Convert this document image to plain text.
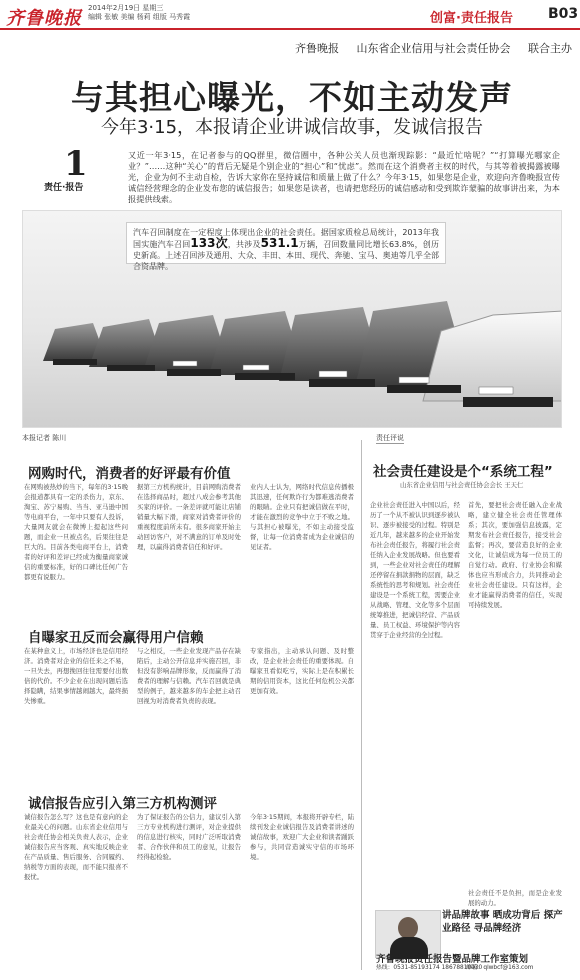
齐鲁晚报 2014年2月19日 星期三
编辑 张敏 美编 杨莉 组版 马秀霞	创富·责任报告	B03
齐鲁晚报 山东省企业信用与社会责任协会 联合主办
与其担心曝光，不如主动发声
今年3·15，本报请企业讲诚信故事，发诚信报告
1
责任·报告
又近一年3·15，在记者参与的QQ群里，微信圈中，各种公关人员也渐现踪影：“最近忙啥呢？”“打算曝光哪家企业？”……这种“关心”的背后无疑是个别企业的“担心”和“忧虑”。然而在这个消费者主权的时代，与其等着被揭露被曝光，企业为何不主动自检，告诉大家你在坚持诚信和质量上做了什么？今年3·15，如果您是企业，欢迎向齐鲁晚报宣传诚信经营理念的企业发布您的诚信报告；如果您是读者，也请把您经历的诚信感动和受到欺诈蒙骗的故事讲出来，为本报提供线索。
汽车召回制度在一定程度上体现出企业的社会责任。据国家质检总局统计，2013年我国实施汽车召回133次，共涉及531.1万辆，召回数量同比增长63.8%，创历史新高。上述召回涉及通用、大众、丰田、本田、现代、奔驰、宝马、奥迪等几乎全部合资品牌。
本报记者 陈川	责任评说
网购时代，消费者的好评最有价值
在网购被热炒的当下，每年的3·15晚会报道都具有一定的杀伤力，京东、淘宝、苏宁易购、当当、亚马逊中国等电商平台，一年中只要有人投诉，大量网友就会在微博上提起这些问题，而企业一旦被点名，后果往往是巨大的。目前各类电商平台上，消费者的好评和差评已经成为衡量商家诚信的重要标准，好的口碑比任何广告都更有说服力。
据第三方机构统计，目前网购消费者在选择商品时，超过八成会参考其他买家的评价。一条差评就可能让店铺销量大幅下滑，商家对消费者评价的重视程度前所未有。很多商家开始主动回访客户，对不满意的订单及时处理，以赢得消费者信任和好评。
业内人士认为，网络时代信息传播极其迅速，任何欺诈行为都难逃消费者的眼睛。企业只有把诚信做在平时，才能在激烈的竞争中立于不败之地。与其担心被曝光，不如主动接受监督，让每一位消费者成为企业诚信的见证者。
自曝家丑反而会赢得用户信赖
在某种意义上，市场经济也是信用经济。消费者对企业的信任来之不易，一旦失去，再想挽回往往需要付出数倍的代价。不少企业在出现问题后选择隐瞒，结果事情越闹越大，最终损失惨重。
与之相反，一些企业发现产品存在缺陷后，主动公开信息并实施召回，非但没有影响品牌形象，反而赢得了消费者的理解与信赖。汽车召回就是典型的例子，越来越多的车企把主动召回视为对消费者负责的表现。
专家指出，主动承认问题、及时整改，是企业社会责任的重要体现。自曝家丑看似吃亏，实际上是在积累长期的信用资本，这比任何危机公关都更加有效。
诚信报告应引入第三方机构测评
诚信报告怎么写？这也是有意向的企业最关心的问题。山东省企业信用与社会责任协会相关负责人表示，企业诚信报告应当客观、真实地反映企业在产品质量、售后服务、合同履约、纳税等方面的表现，而不能只报喜不报忧。
为了保证报告的公信力，建议引入第三方专业机构进行测评，对企业提供的信息进行核实，同时广泛听取消费者、合作伙伴和员工的意见，让报告经得起检验。
今年3·15期间，本报将开辟专栏，陆续刊发企业诚信报告及消费者讲述的诚信故事，欢迎广大企业和读者踊跃参与，共同营造诚实守信的市场环境。
社会责任建设是个“系统工程”
山东省企业信用与社会责任协会会长 王天仁
企业社会责任进入中国以后，经历了一个从不被认识到逐步被认识、逐步被接受的过程。特别是近几年，越来越多的企业开始发布社会责任报告，将履行社会责任纳入企业发展战略。但也要看到，一些企业对社会责任的理解还停留在捐款捐物的层面，缺乏系统性的思考和规划。社会责任建设是一个系统工程，需要企业从战略、管理、文化等多个层面统筹推进，把诚信经营、产品质量、员工权益、环境保护等内容贯穿于企业经营的全过程。
首先，要把社会责任融入企业战略，建立健全社会责任管理体系；其次，要加强信息披露，定期发布社会责任报告，接受社会监督；再次，要营造良好的企业文化，让诚信成为每一位员工的自觉行动。政府、行业协会和媒体也应当形成合力，共同推动企业社会责任建设。只有这样，企业才能赢得消费者的信任，实现可持续发展。
社会责任不是负担，而是企业发展的动力。
讲品牌故事 晒成功背后 探产业路径 寻品牌经济
齐鲁晚报责任报告暨品牌工作室策划
热线：0531-85193174 18678810030
邮箱：qlwbcf@163.com
